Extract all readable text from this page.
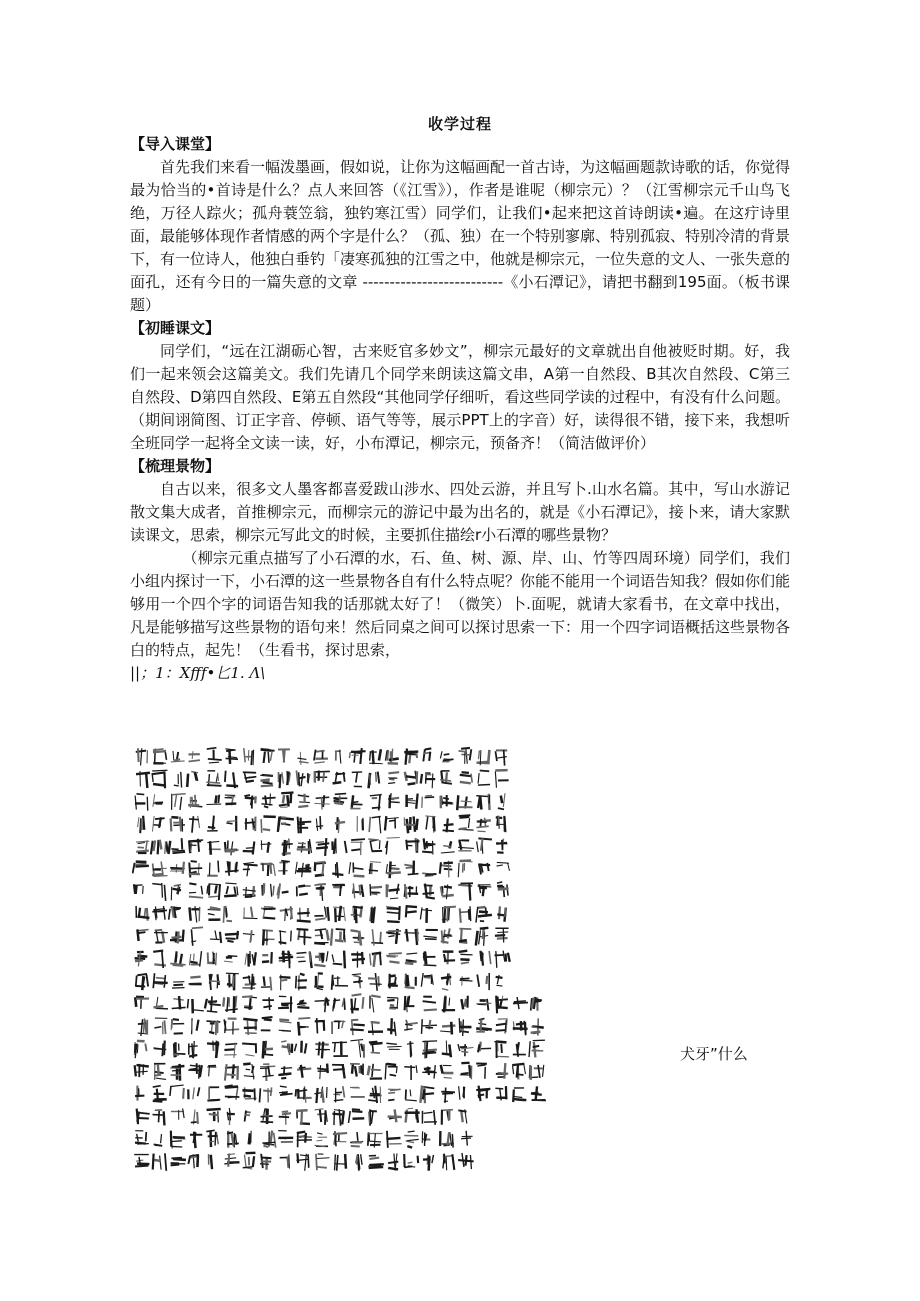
收学过程

【导入课堂】

首先我们来看一幅泼墨画，假如说，让你为这幅画配一首古诗，为这幅画题款诗歌的话，你觉得最为恰当的•首诗是什么？点人来回答（《江雪》），作者是谁呢（柳宗元）？（江雪柳宗元千山鸟飞绝，万径人踪火；孤舟蓑笠翁，独钓寒江雪）同学们，让我们•起来把这首诗朗读•遍。在这疔诗里面，最能够体现作者情感的两个字是什么？（孤、独）在一个特别寥廓、特别孤寂、特别冷清的背景下，有一位诗人，他独白垂钓「凄寒孤独的江雪之中，他就是柳宗元，一位失意的文人、一张失意的面孔，还有今日的一篇失意的文章 --------------------------《小石潭记》，请把书翻到195面。（板书课题）

【初睡课文】

同学们，“远在江湖砺心智，古来贬官多妙文”，柳宗元最好的文章就出自他被贬时期。好，我们一起来领会这篇美文。我们先请几个同学来朗读这篇文串，A第一自然段、B其次自然段、C第三自然段、D第四自然段、E第五自然段“其他同学仔细听，看这些同学读的过程中，有没有什么问题。（期间诩简图、订正字音、停顿、语气等等，展示PPT上的字音）好，读得很不错，接下来，我想听全班同学一起将全文读一读，好，小布潭记，柳宗元，预备齐！（简洁做评价）

【梳理景物】

自古以来，很多文人墨客都喜爱跋山涉水、四处云游，并且写卜.山水名篇。其中，写山水游记散文集大成者，首推柳宗元，而柳宗元的游记中最为出名的，就是《小石潭记》，接卜来，请大家默读课文，思索，柳宗元写此文的时候，主要抓住描绘r小石潭的哪些景物？

（柳宗元重点描写了小石潭的水，石、鱼、树、源、岸、山、竹等四周环境）同学们，我们小组内探讨一下，小石潭的这一些景物各自有什么特点呢？你能不能用一个词语告知我？假如你们能够用一个四个字的词语告知我的话那就太好了！（微笑）卜.面呢，就请大家看书，在文章中找出，凡是能够描写这些景物的语句来！然后同桌之间可以探讨思索一下：用一个四字词语概括这些景物各白的特点，起先！（生看书，探讨思索，

||；1：Xfff•匕1. Λ\

犬牙”什么
